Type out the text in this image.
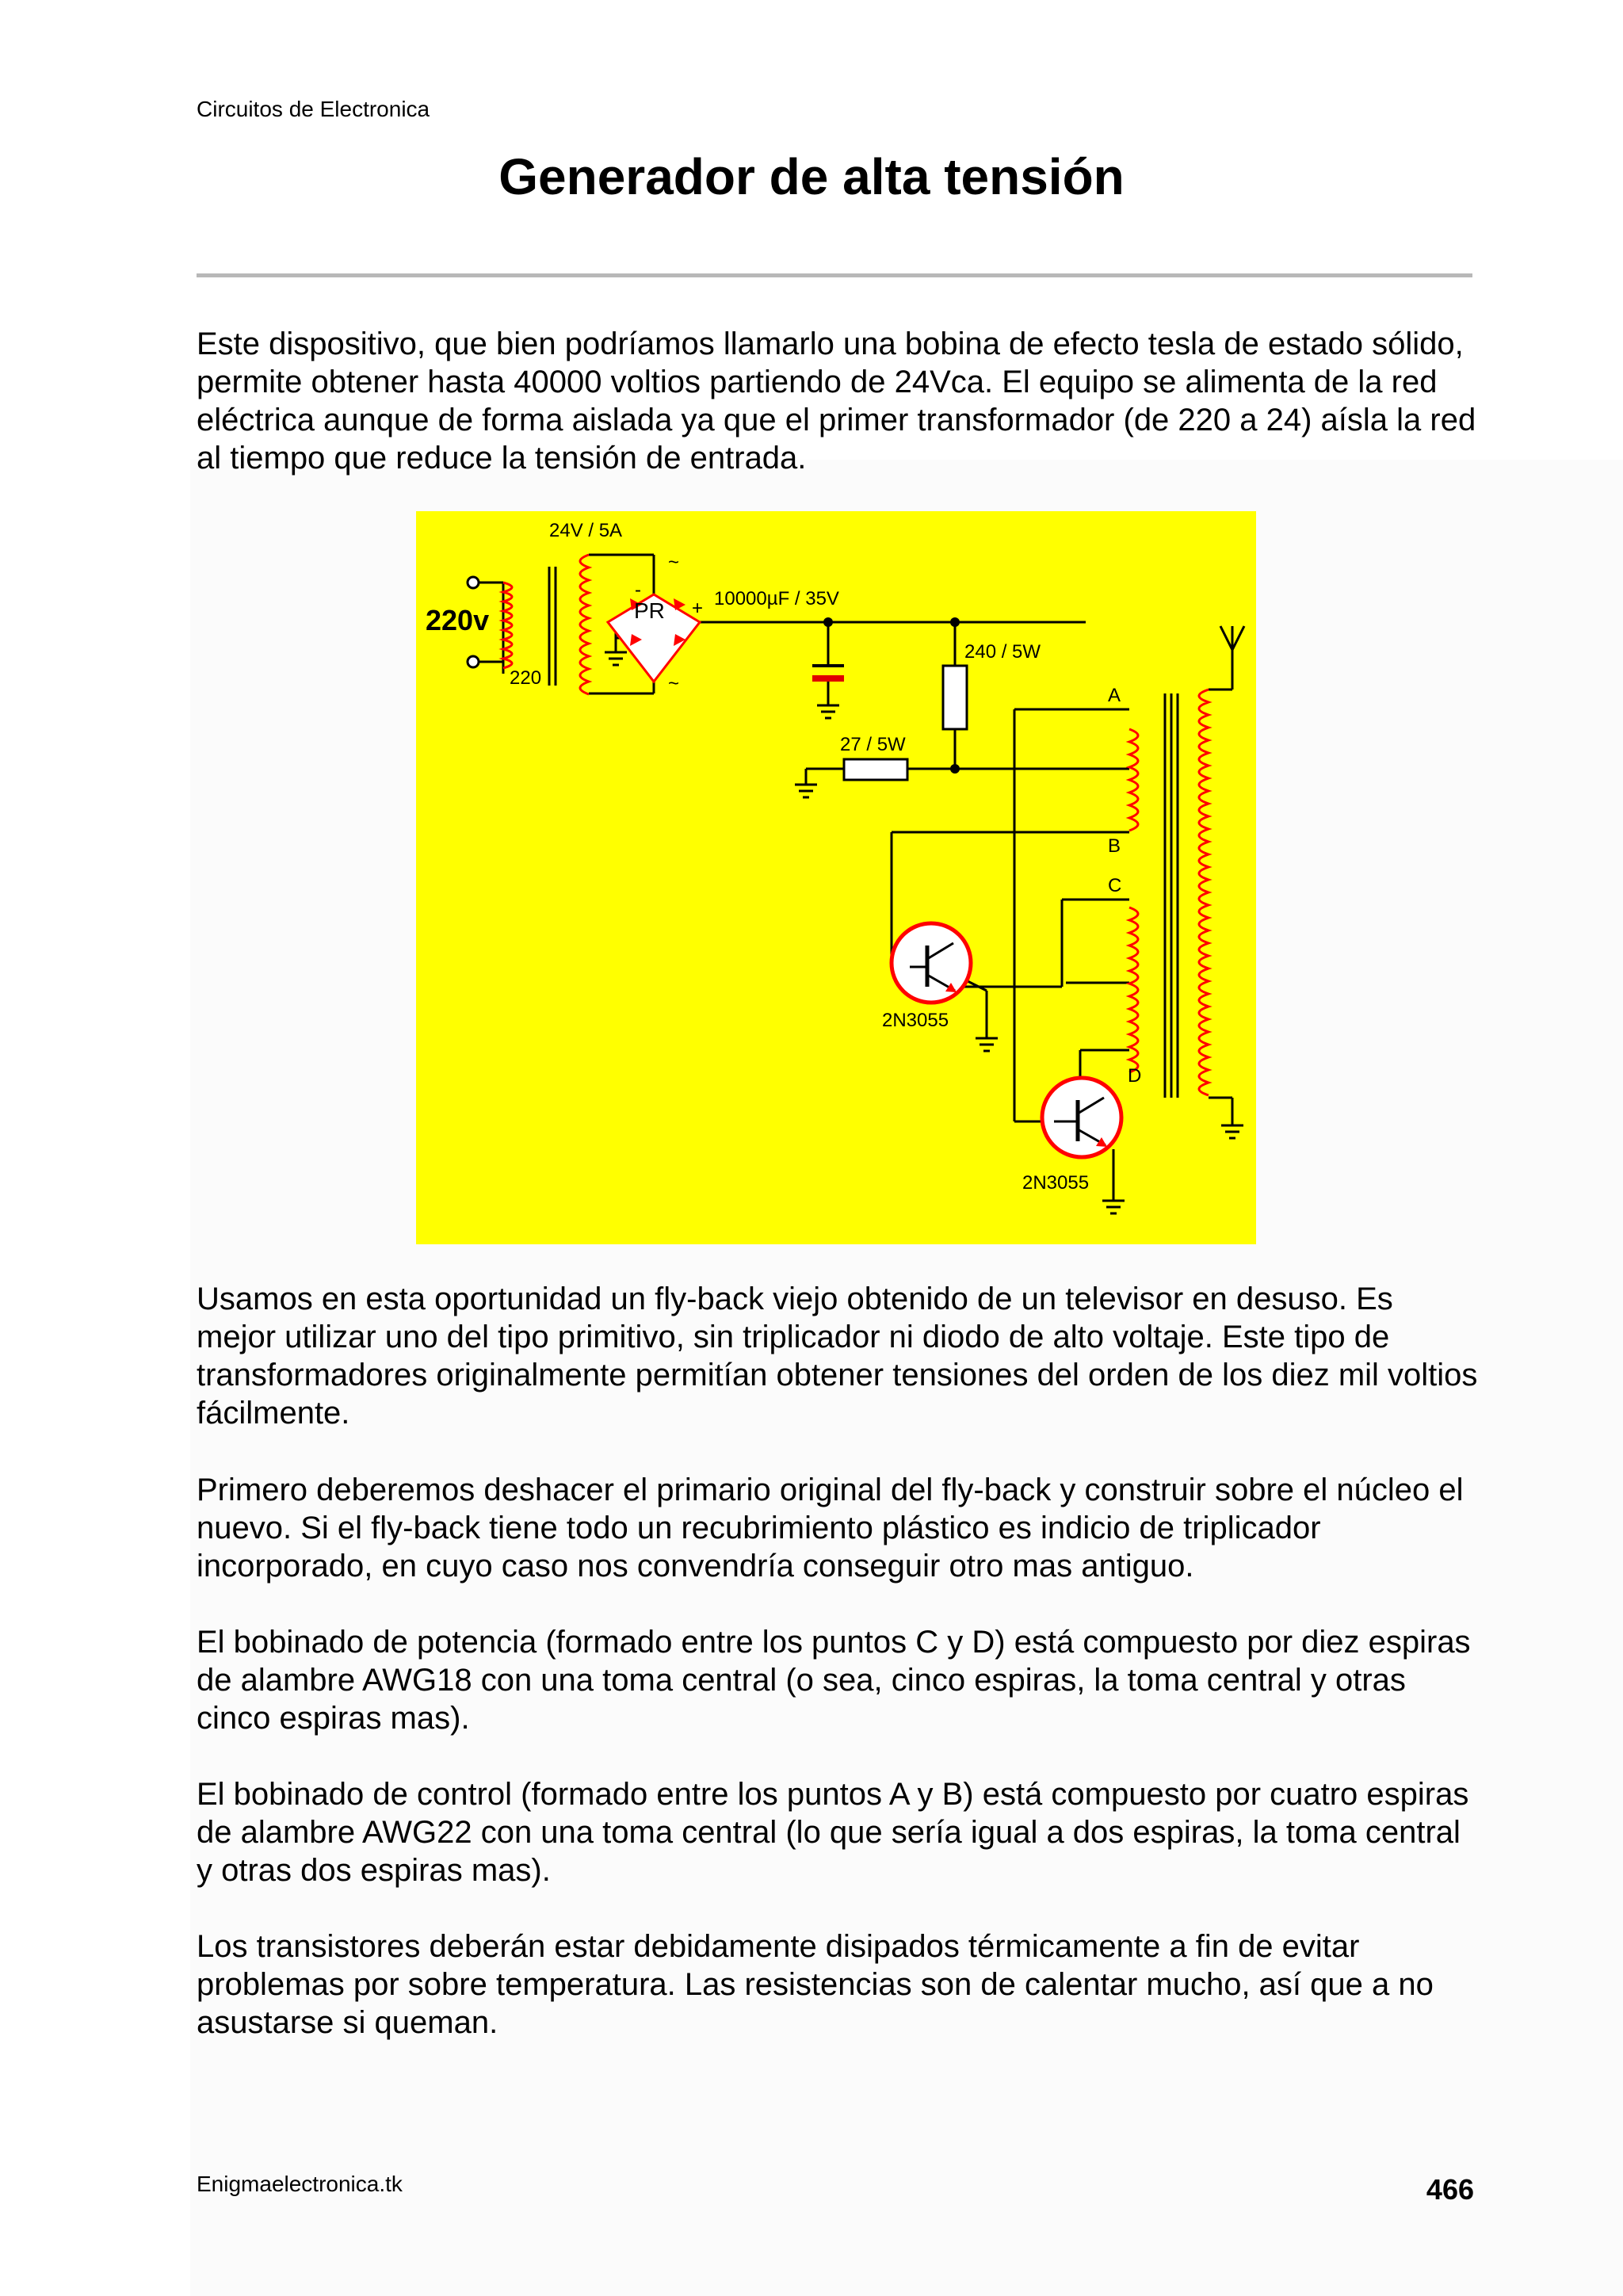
Circuitos de Electronica
Generador de alta tensión

Este dispositivo, que bien podríamos llamarlo una bobina de efecto tesla de estado sólido, permite obtener hasta 40000 voltios partiendo de 24Vca. El equipo se alimenta de la red eléctrica aunque de forma aislada ya que el primer transformador (de 220 a 24) aísla la red al tiempo que reduce la tensión de entrada.

24V / 5A
220v
220
PR
-
+
~
~
10000µF / 35V
240 / 5W
27 / 5W
A
B
C
D
2N3055
2N3055

Usamos en esta oportunidad un fly-back viejo obtenido de un televisor en desuso. Es mejor utilizar uno del tipo primitivo, sin triplicador ni diodo de alto voltaje. Este tipo de transformadores originalmente permitían obtener tensiones del orden de los diez mil voltios fácilmente.

Primero deberemos deshacer el primario original del fly-back y construir sobre el núcleo el nuevo. Si el fly-back tiene todo un recubrimiento plástico es indicio de triplicador incorporado, en cuyo caso nos convendría conseguir otro mas antiguo.

El bobinado de potencia (formado entre los puntos C y D) está compuesto por diez espiras de alambre AWG18 con una toma central (o sea, cinco espiras, la toma central y otras cinco espiras mas).

El bobinado de control (formado entre los puntos A y B) está compuesto por cuatro espiras de alambre AWG22 con una toma central (lo que sería igual a dos espiras, la toma central y otras dos espiras mas).

Los transistores deberán estar debidamente disipados térmicamente a fin de evitar problemas por sobre temperatura. Las resistencias son de calentar mucho, así que a no asustarse si queman.

Enigmaelectronica.tk	466
